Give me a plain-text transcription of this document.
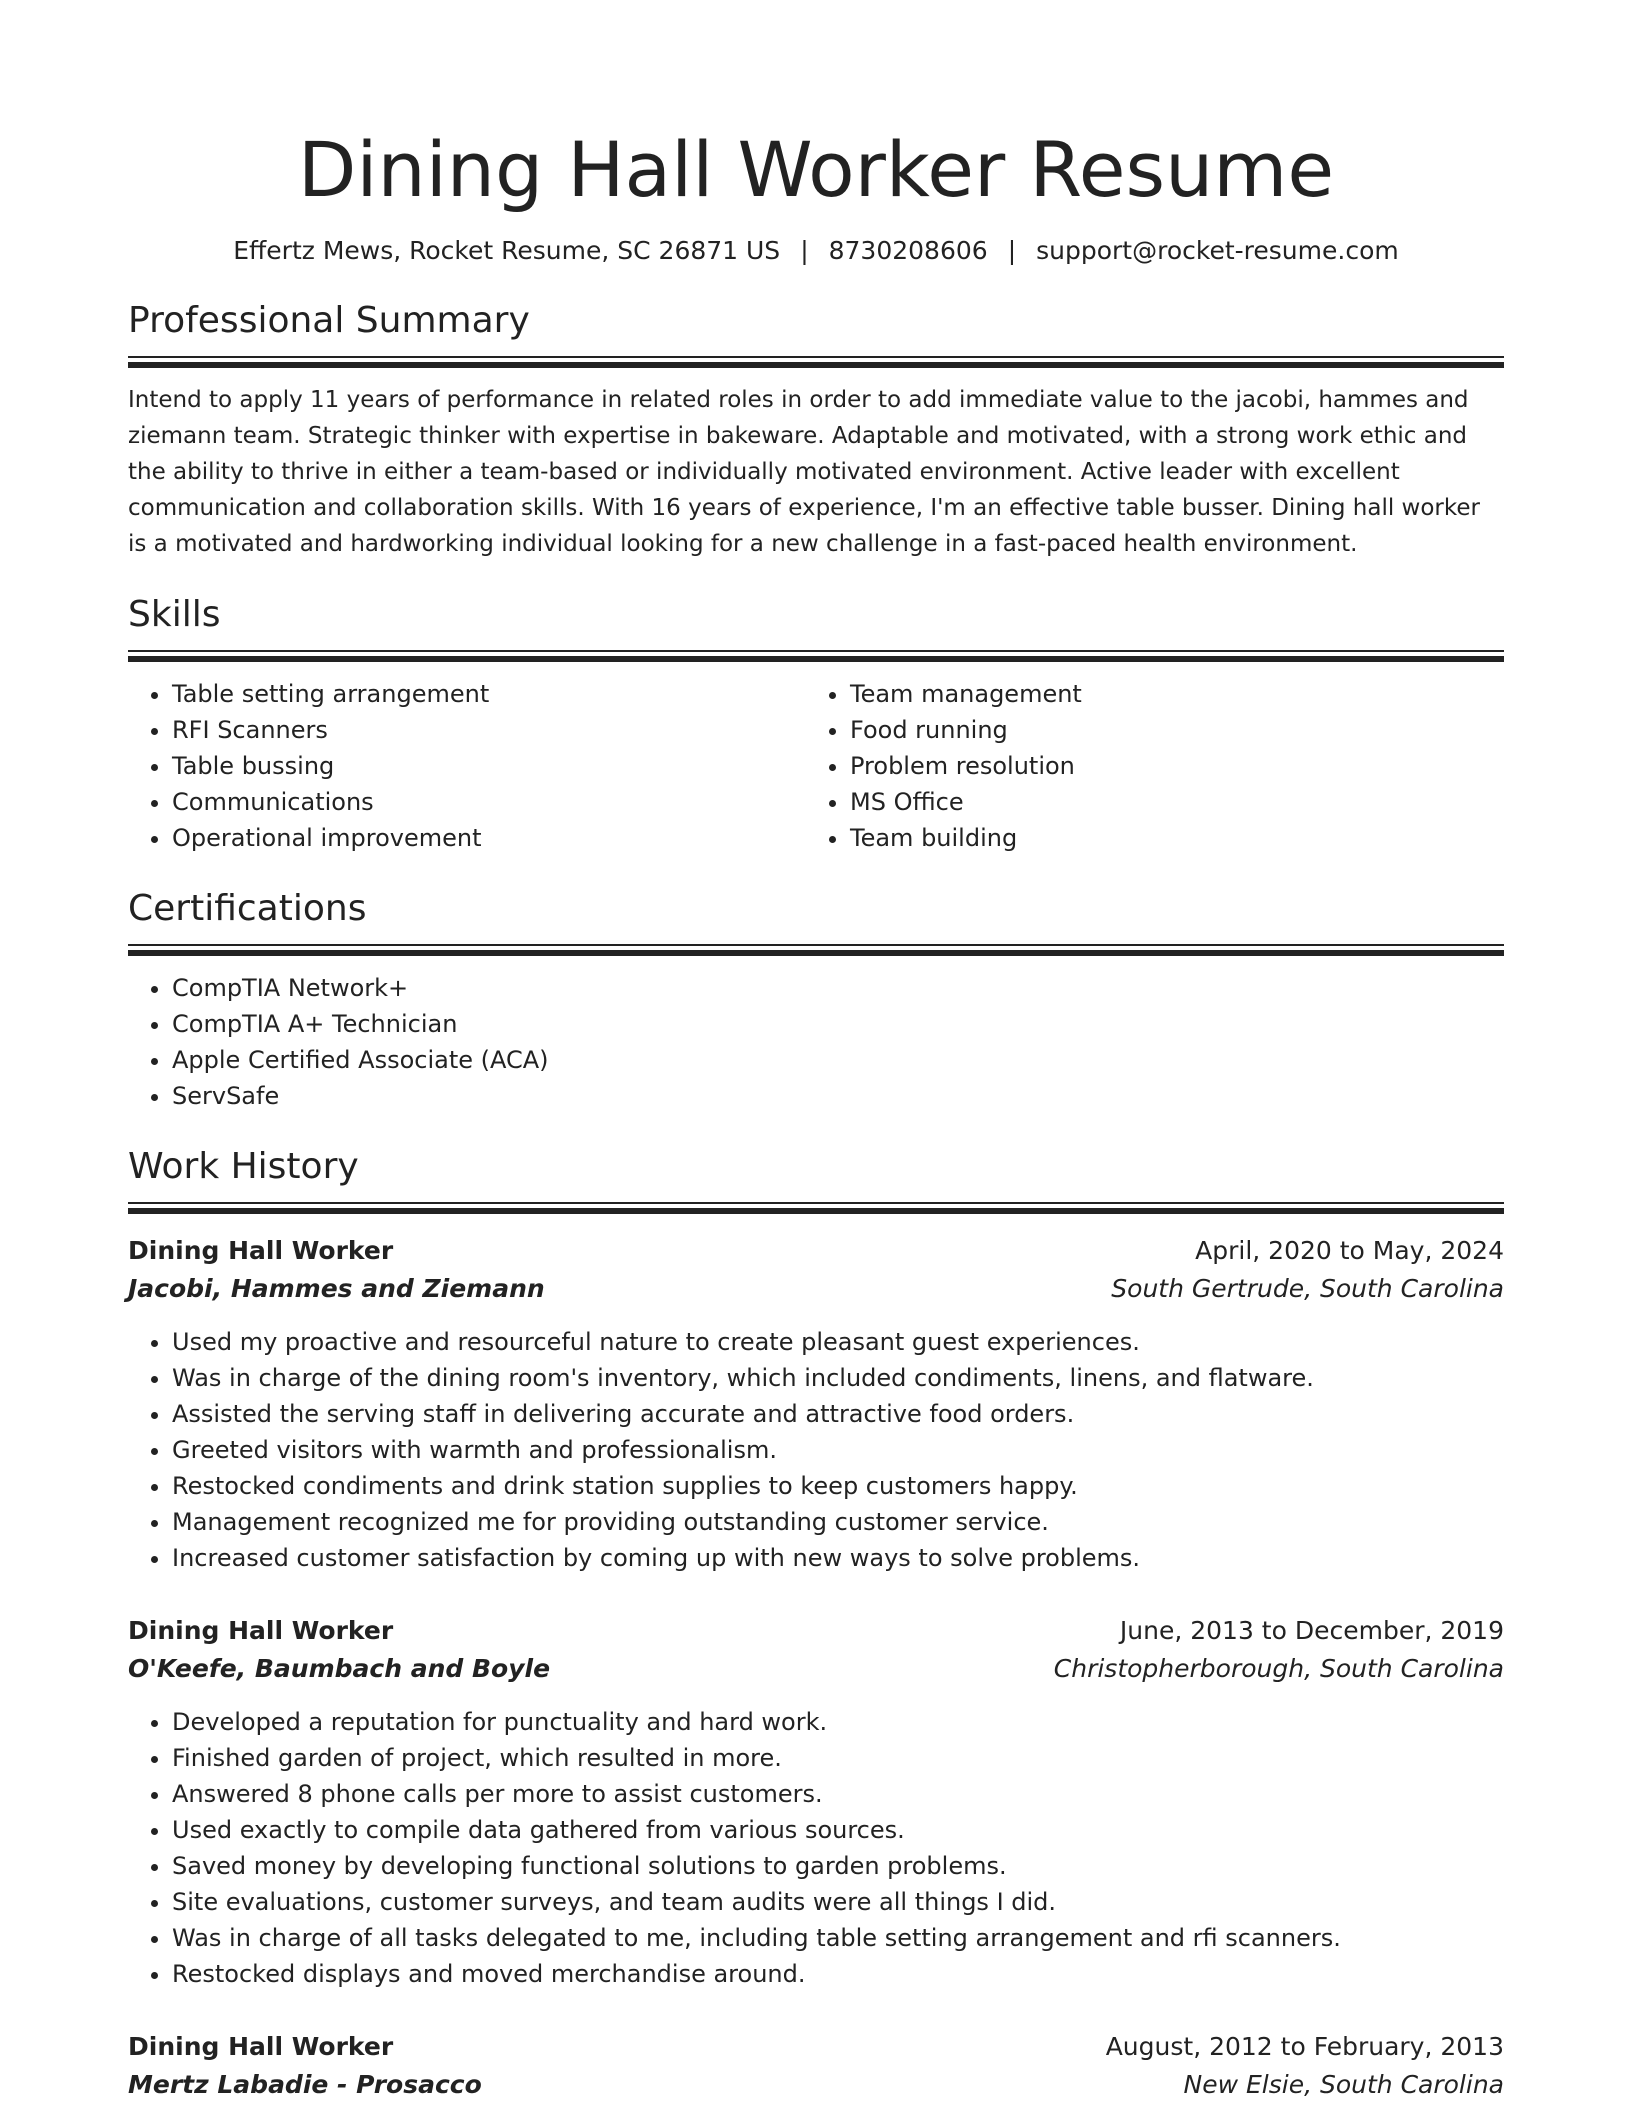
Dining Hall Worker Resume
Effertz Mews, Rocket Resume, SC 26871 US | 8730208606 | support@rocket-resume.com
Professional Summary
Intend to apply 11 years of performance in related roles in order to add immediate value to the jacobi, hammes and ziemann team. Strategic thinker with expertise in bakeware. Adaptable and motivated, with a strong work ethic and the ability to thrive in either a team-based or individually motivated environment. Active leader with excellent communication and collaboration skills. With 16 years of experience, I'm an effective table busser. Dining hall worker is a motivated and hardworking individual looking for a new challenge in a fast-paced health environment.
Skills
• Table setting arrangement
• RFI Scanners
• Table bussing
• Communications
• Operational improvement
• Team management
• Food running
• Problem resolution
• MS Office
• Team building
Certifications
• CompTIA Network+
• CompTIA A+ Technician
• Apple Certified Associate (ACA)
• ServSafe
Work History
Dining Hall Worker	April, 2020 to May, 2024
Jacobi, Hammes and Ziemann	South Gertrude, South Carolina
• Used my proactive and resourceful nature to create pleasant guest experiences.
• Was in charge of the dining room's inventory, which included condiments, linens, and flatware.
• Assisted the serving staff in delivering accurate and attractive food orders.
• Greeted visitors with warmth and professionalism.
• Restocked condiments and drink station supplies to keep customers happy.
• Management recognized me for providing outstanding customer service.
• Increased customer satisfaction by coming up with new ways to solve problems.
Dining Hall Worker	June, 2013 to December, 2019
O'Keefe, Baumbach and Boyle	Christopherborough, South Carolina
• Developed a reputation for punctuality and hard work.
• Finished garden of project, which resulted in more.
• Answered 8 phone calls per more to assist customers.
• Used exactly to compile data gathered from various sources.
• Saved money by developing functional solutions to garden problems.
• Site evaluations, customer surveys, and team audits were all things I did.
• Was in charge of all tasks delegated to me, including table setting arrangement and rfi scanners.
• Restocked displays and moved merchandise around.
Dining Hall Worker	August, 2012 to February, 2013
Mertz Labadie - Prosacco	New Elsie, South Carolina
